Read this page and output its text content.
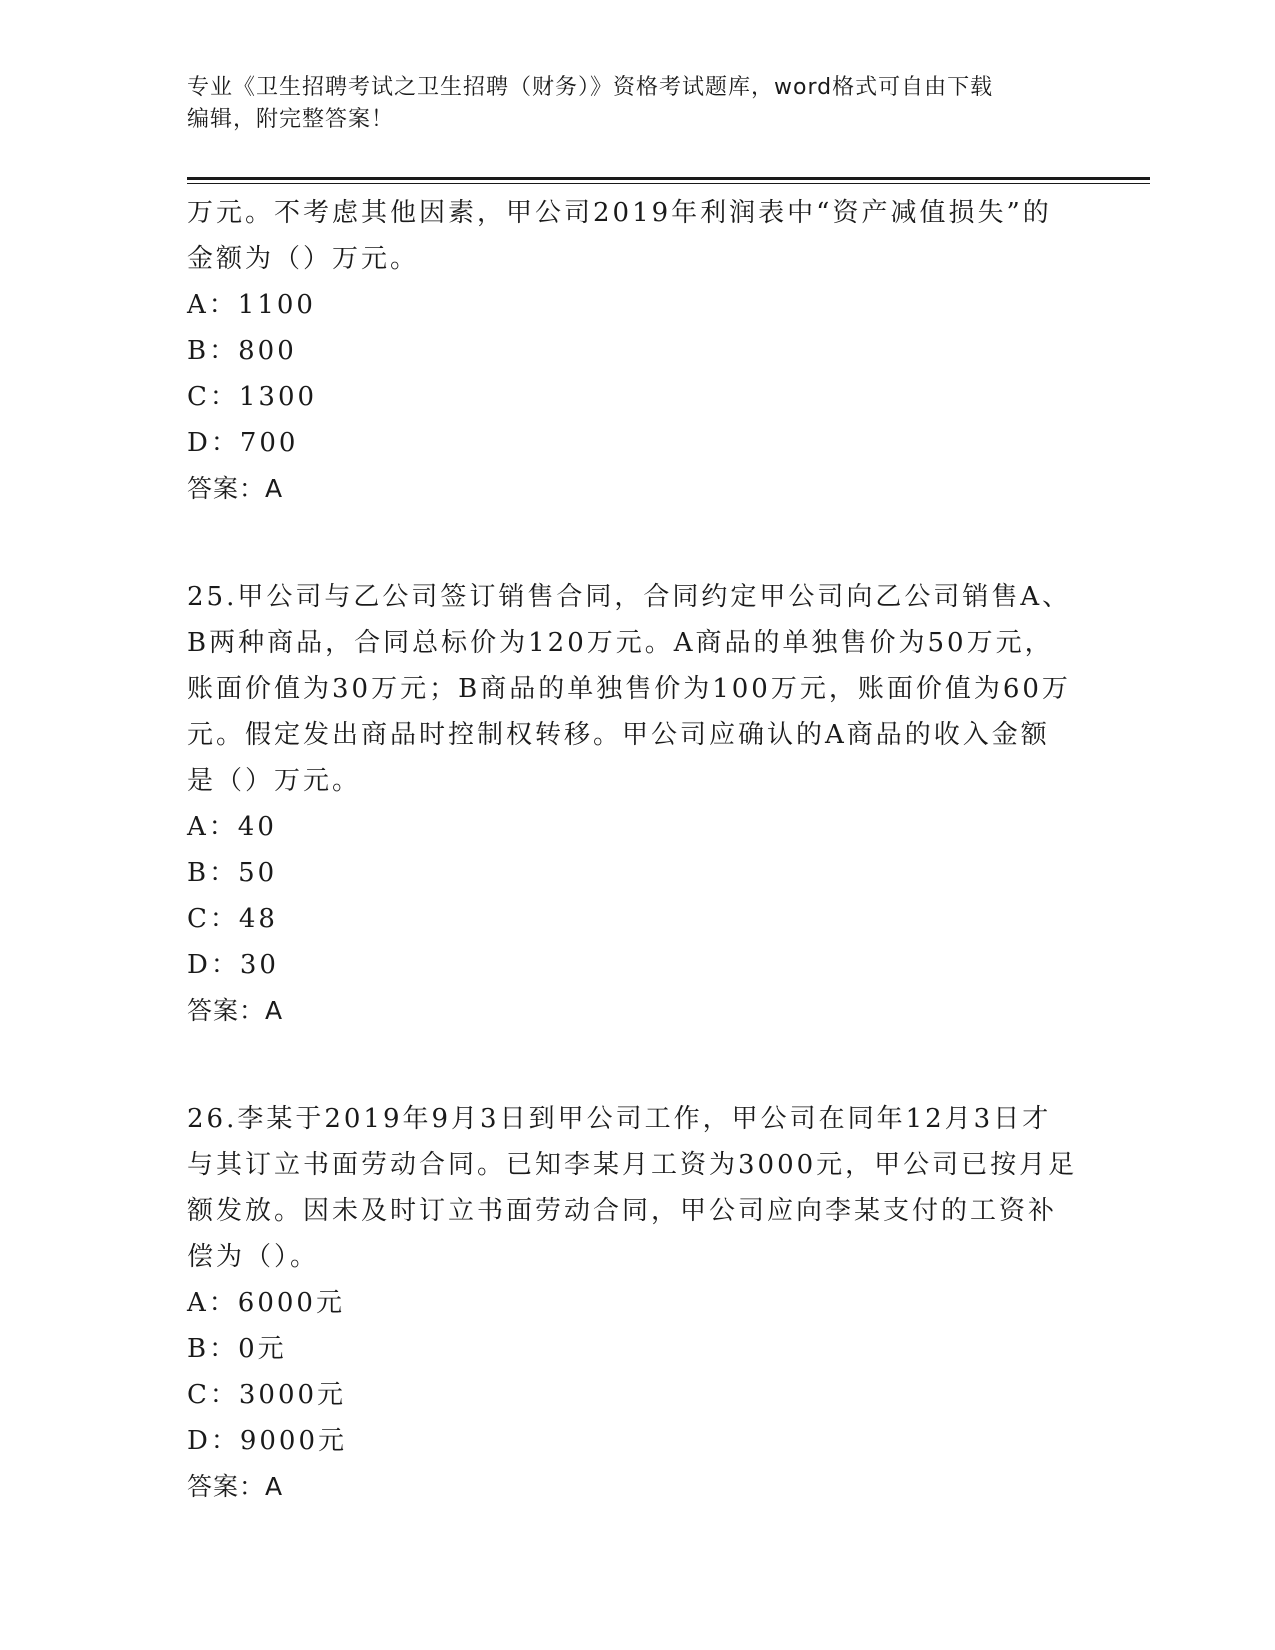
专业《卫生招聘考试之卫生招聘（财务）》资格考试题库，word格式可自由下载
编辑，附完整答案！
万元。不考虑其他因素，甲公司2019年利润表中“资产减值损失”的
金额为（）万元。
A：1100
B：800
C：1300
D：700
答案：A
25.甲公司与乙公司签订销售合同，合同约定甲公司向乙公司销售A、
B两种商品，合同总标价为120万元。A商品的单独售价为50万元，
账面价值为30万元；B商品的单独售价为100万元，账面价值为60万
元。假定发出商品时控制权转移。甲公司应确认的A商品的收入金额
是（）万元。
A：40
B：50
C：48
D：30
答案：A
26.李某于2019年9月3日到甲公司工作，甲公司在同年12月3日才
与其订立书面劳动合同。已知李某月工资为3000元，甲公司已按月足
额发放。因未及时订立书面劳动合同，甲公司应向李某支付的工资补
偿为（）。
A：6000元
B：0元
C：3000元
D：9000元
答案：A
